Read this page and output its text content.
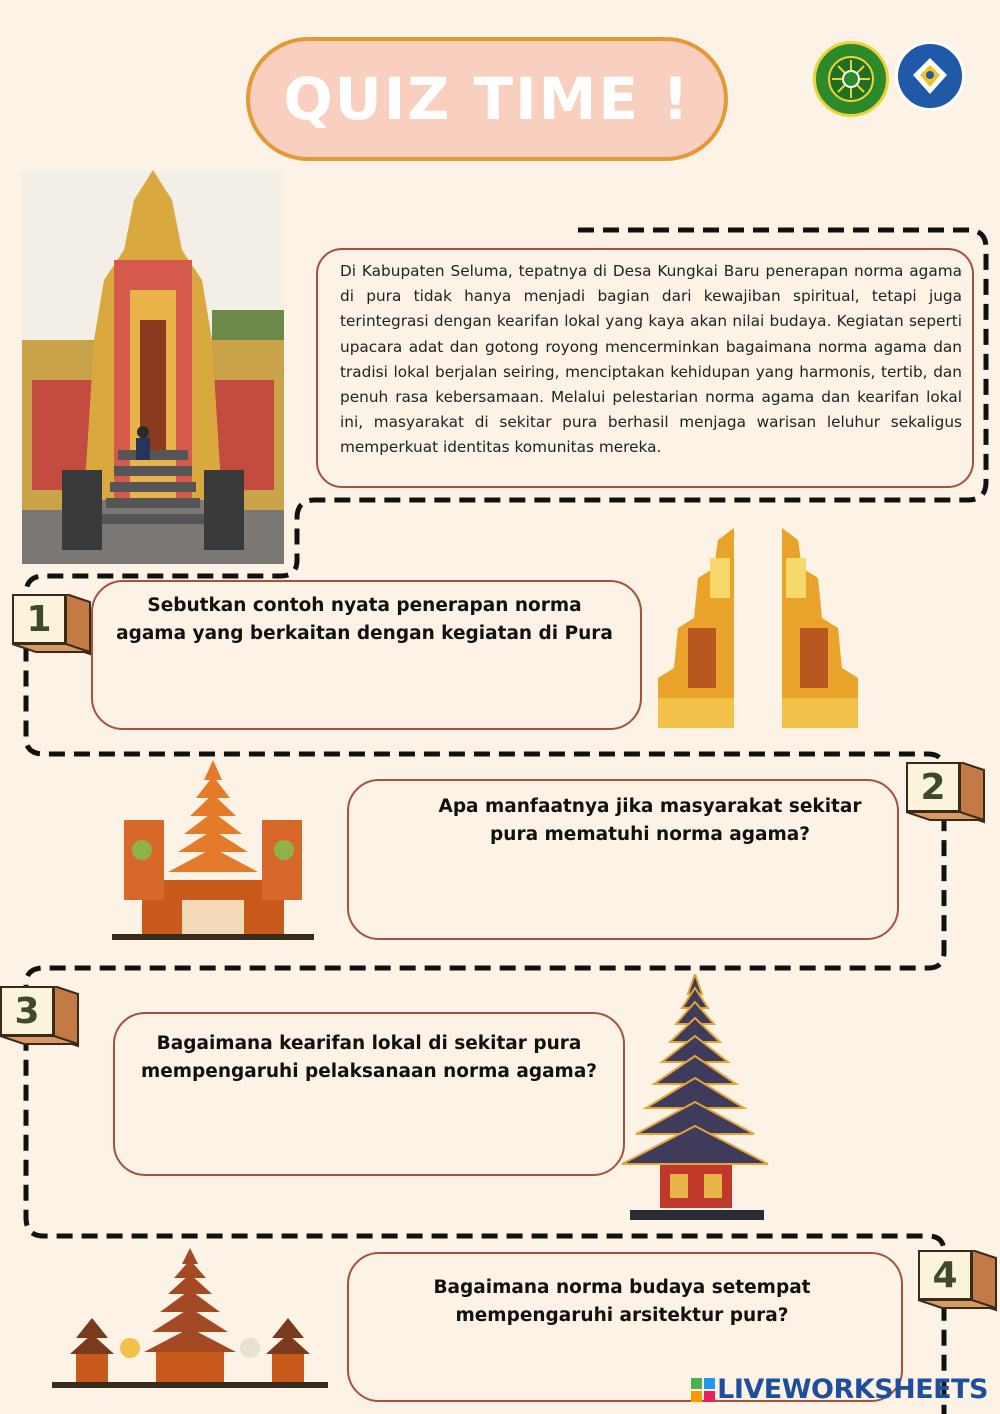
QUIZ TIME !

Di Kabupaten Seluma, tepatnya di Desa Kungkai Baru penerapan norma agama di pura tidak hanya menjadi bagian dari kewajiban spiritual, tetapi juga terintegrasi dengan kearifan lokal yang kaya akan nilai budaya. Kegiatan seperti upacara adat dan gotong royong mencerminkan bagaimana norma agama dan tradisi lokal berjalan seiring, menciptakan kehidupan yang harmonis, tertib, dan penuh rasa kebersamaan. Melalui pelestarian norma agama dan kearifan lokal ini, masyarakat di sekitar pura berhasil menjaga warisan leluhur sekaligus memperkuat identitas komunitas mereka.

1	Sebutkan contoh nyata penerapan norma agama yang berkaitan dengan kegiatan di Pura
Apa manfaatnya jika masyarakat sekitar pura mematuhi norma agama?
2
3
Bagaimana kearifan lokal di sekitar pura mempengaruhi pelaksanaan norma agama?
Bagaimana norma budaya setempat mempengaruhi arsitektur pura?
4
LIVEWORKSHEETS
